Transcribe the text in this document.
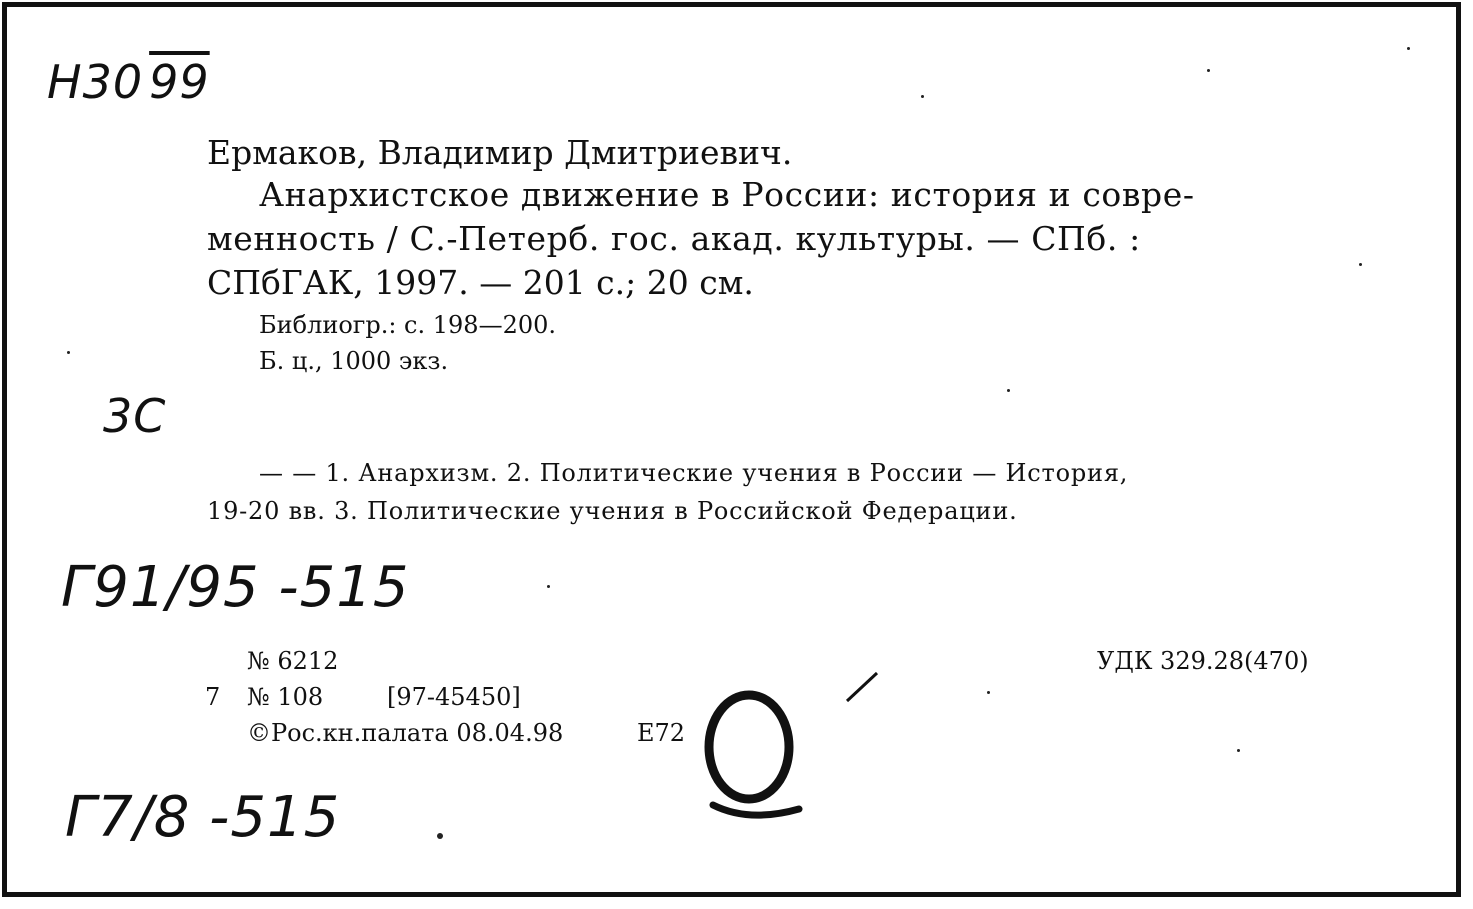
Н30 99
Ермаков, Владимир Дмитриевич.
Анархистское движение в России: история и совре-
менность / С.-Петерб. гос. акад. культуры. — СПб. :
СПбГАК, 1997. — 201 с.; 20 см.
Библиогр.: с. 198—200.
Б. ц., 1000 экз.
3С
— — 1. Анархизм. 2. Политические учения в России — История,
19-20 вв. 3. Политические учения в Российской Федерации.
Г91/95 -515
№ 6212	УДК 329.28(470)
7 № 108	[97-45450]
©Рос.кн.палата 08.04.98	Е72
Г7/8 -515
